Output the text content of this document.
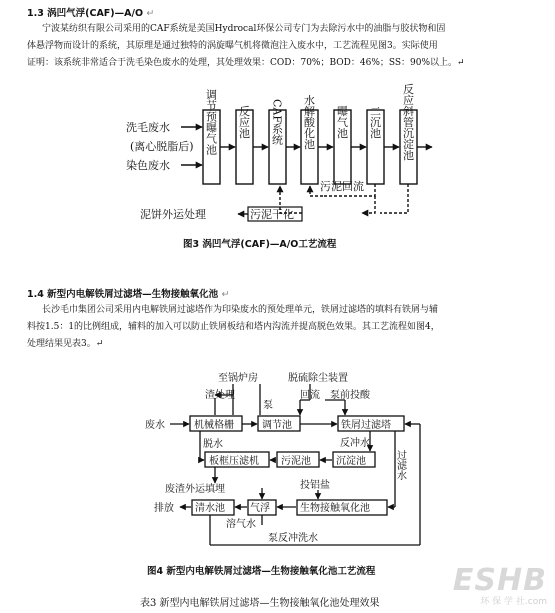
1.3 涡凹气浮(CAF)—A/O ↵
宁波某纺织有限公司采用的CAF系统是美国Hydrocal环保公司专门为去除污水中的油脂与胶状物和固
体悬浮物而设计的系统，其原理是通过独特的涡旋曝气机将微泡注入废水中，工艺流程见图3。实际使用
证明：该系统非常适合于洗毛染色废水的处理，其处理效果：COD：70%；BOD：46%；SS：90%以上。↵
洗毛废水
(离心脱脂后)
染色废水
调节预曝气池 反应池 CAF系统 水解酸化池 曝气池 二沉池 反应斜管沉淀池
污泥回流
污泥干化
泥饼外运处理
图3 涡凹气浮(CAF)—A/O工艺流程
1.4 新型内电解铁屑过滤塔—生物接触氧化池 ↵
长沙毛巾集团公司采用内电解铁屑过滤塔作为印染废水的预处理单元，铁屑过滤塔的填料有铁屑与辅
料按1.5：1的比例组成，辅料的加入可以防止铁屑板结和塔内沟流并提高脱色效果。其工艺流程如图4，
处理结果见表3。↵
至锅炉房	脱硫除尘装置
渣处理
泵
回流 泵前投酸
废水	机械格栅	调节池	铁屑过滤塔
脱水	反冲水
板框压滤机 污泥池	沉淀池	过滤水
废渣外运填埋	投铝盐
排放 清水池	气浮	生物接触氧化池
溶气水
泵反冲洗水
图4 新型内电解铁屑过滤塔—生物接触氧化池工艺流程
表3 新型内电解铁屑过滤塔—生物接触氧化池处理效果
ESHB
环 保 学 社.com
